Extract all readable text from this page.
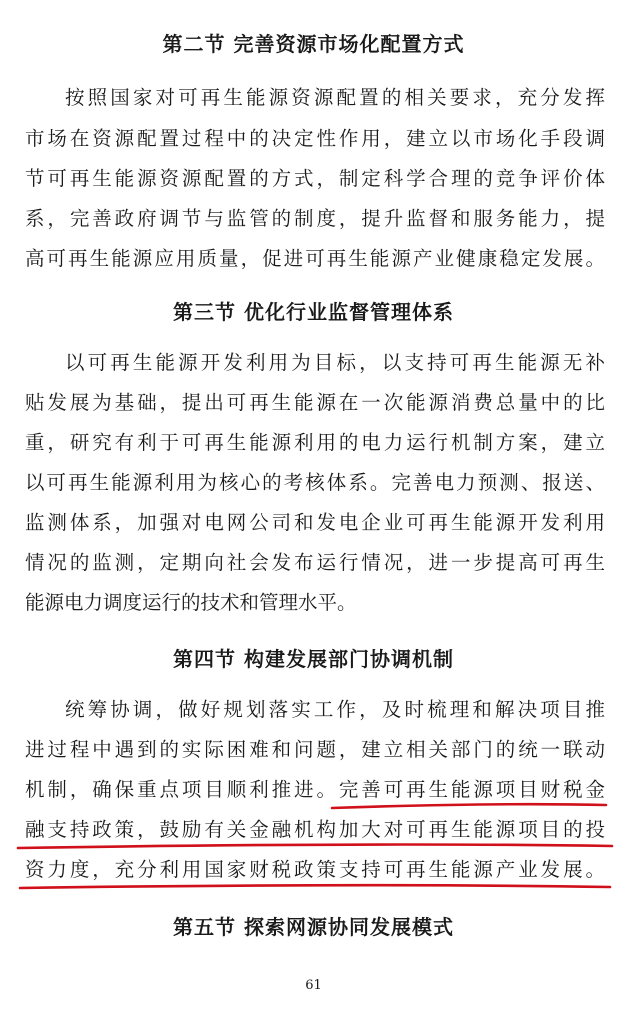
第二节 完善资源市场化配置方式
按照国家对可再生能源资源配置的相关要求，充分发挥
市场在资源配置过程中的决定性作用，建立以市场化手段调
节可再生能源资源配置的方式，制定科学合理的竞争评价体
系，完善政府调节与监管的制度，提升监督和服务能力，提
高可再生能源应用质量，促进可再生能源产业健康稳定发展。
第三节 优化行业监督管理体系
以可再生能源开发利用为目标，以支持可再生能源无补
贴发展为基础，提出可再生能源在一次能源消费总量中的比
重，研究有利于可再生能源利用的电力运行机制方案，建立
以可再生能源利用为核心的考核体系。完善电力预测、报送、
监测体系，加强对电网公司和发电企业可再生能源开发利用
情况的监测，定期向社会发布运行情况，进一步提高可再生
能源电力调度运行的技术和管理水平。
第四节 构建发展部门协调机制
统筹协调，做好规划落实工作，及时梳理和解决项目推
进过程中遇到的实际困难和问题，建立相关部门的统一联动
机制，确保重点项目顺利推进。完善可再生能源项目财税金
融支持政策，鼓励有关金融机构加大对可再生能源项目的投
资力度，充分利用国家财税政策支持可再生能源产业发展。
第五节 探索网源协同发展模式
61
